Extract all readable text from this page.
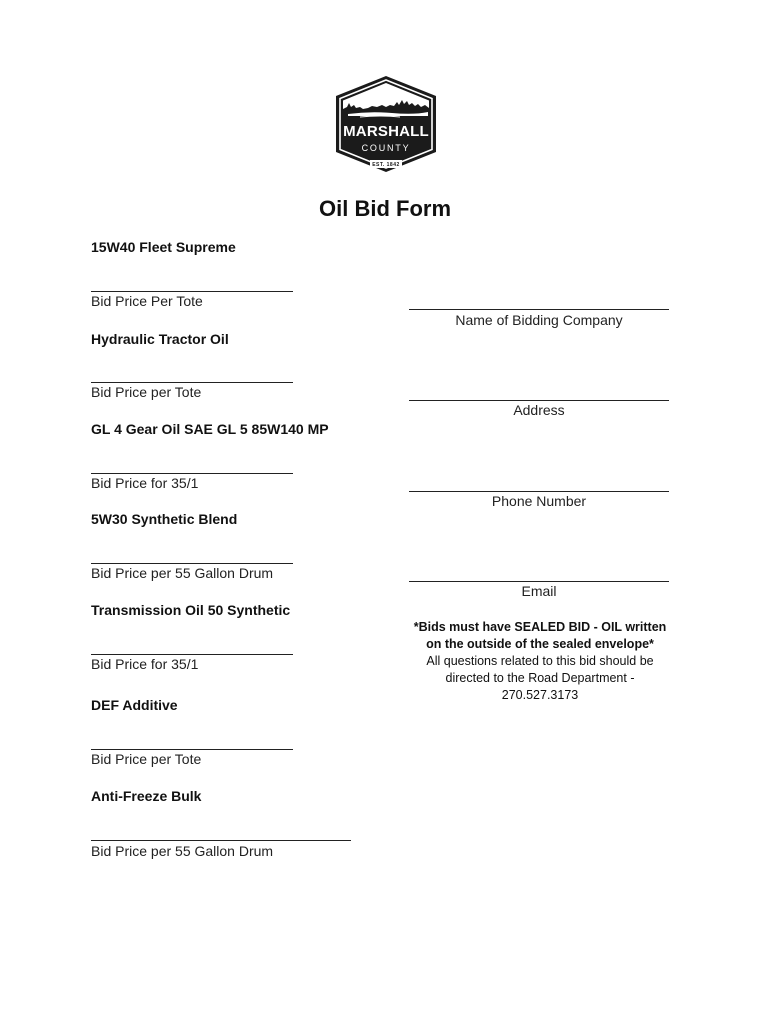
MARSHALL
COUNTY
EST. 1842
Oil Bid Form
15W40 Fleet Supreme
Bid Price Per Tote
Hydraulic Tractor Oil
Bid Price per Tote
GL 4 Gear Oil SAE GL 5 85W140 MP
Bid Price for 35/1
5W30 Synthetic Blend
Bid Price per 55 Gallon Drum
Transmission Oil 50 Synthetic
Bid Price for 35/1
DEF Additive
Bid Price per Tote
Anti-Freeze Bulk
Bid Price per 55 Gallon Drum
Name of Bidding Company
Address
Phone Number
Email
*Bids must have SEALED BID - OIL written
on the outside of the sealed envelope*
All questions related to this bid should be
directed to the Road Department -
270.527.3173
